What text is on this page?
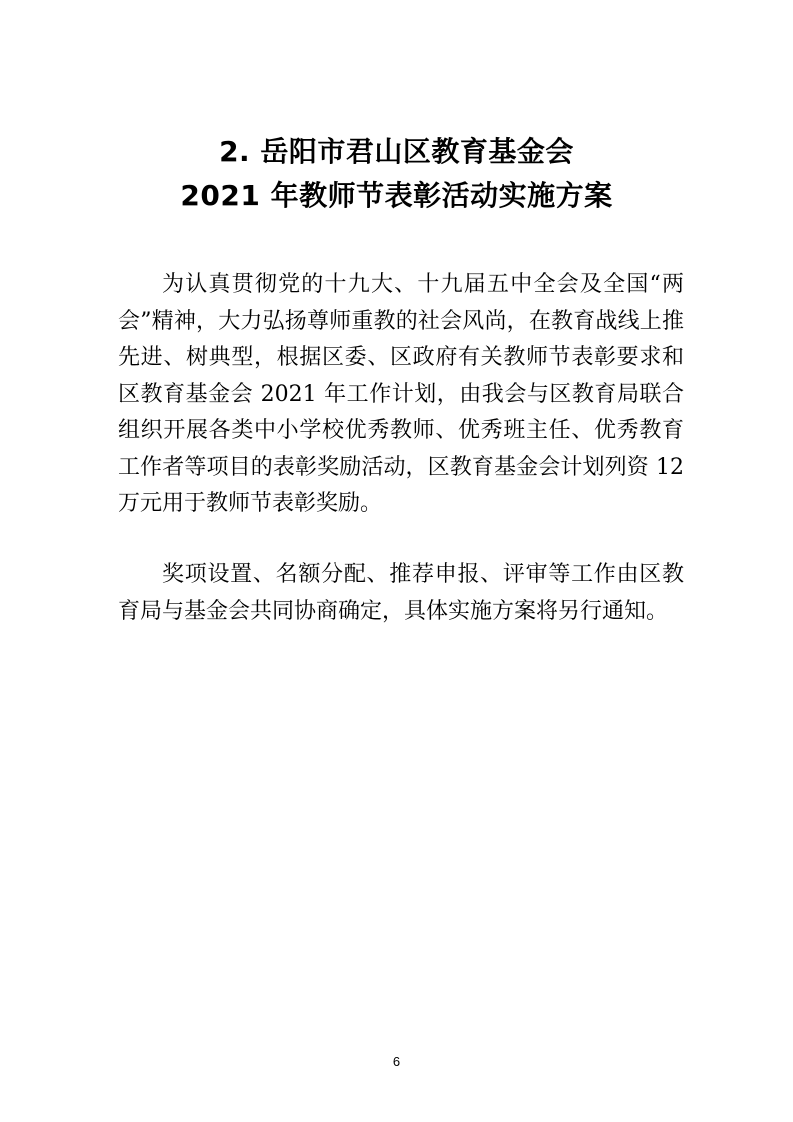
2. 岳阳市君山区教育基金会
2021 年教师节表彰活动实施方案

为认真贯彻党的十九大、十九届五中全会及全国“两会”精神，大力弘扬尊师重教的社会风尚，在教育战线上推先进、树典型，根据区委、区政府有关教师节表彰要求和区教育基金会 2021 年工作计划，由我会与区教育局联合组织开展各类中小学校优秀教师、优秀班主任、优秀教育工作者等项目的表彰奖励活动，区教育基金会计划列资 12 万元用于教师节表彰奖励。

奖项设置、名额分配、推荐申报、评审等工作由区教育局与基金会共同协商确定，具体实施方案将另行通知。

6
